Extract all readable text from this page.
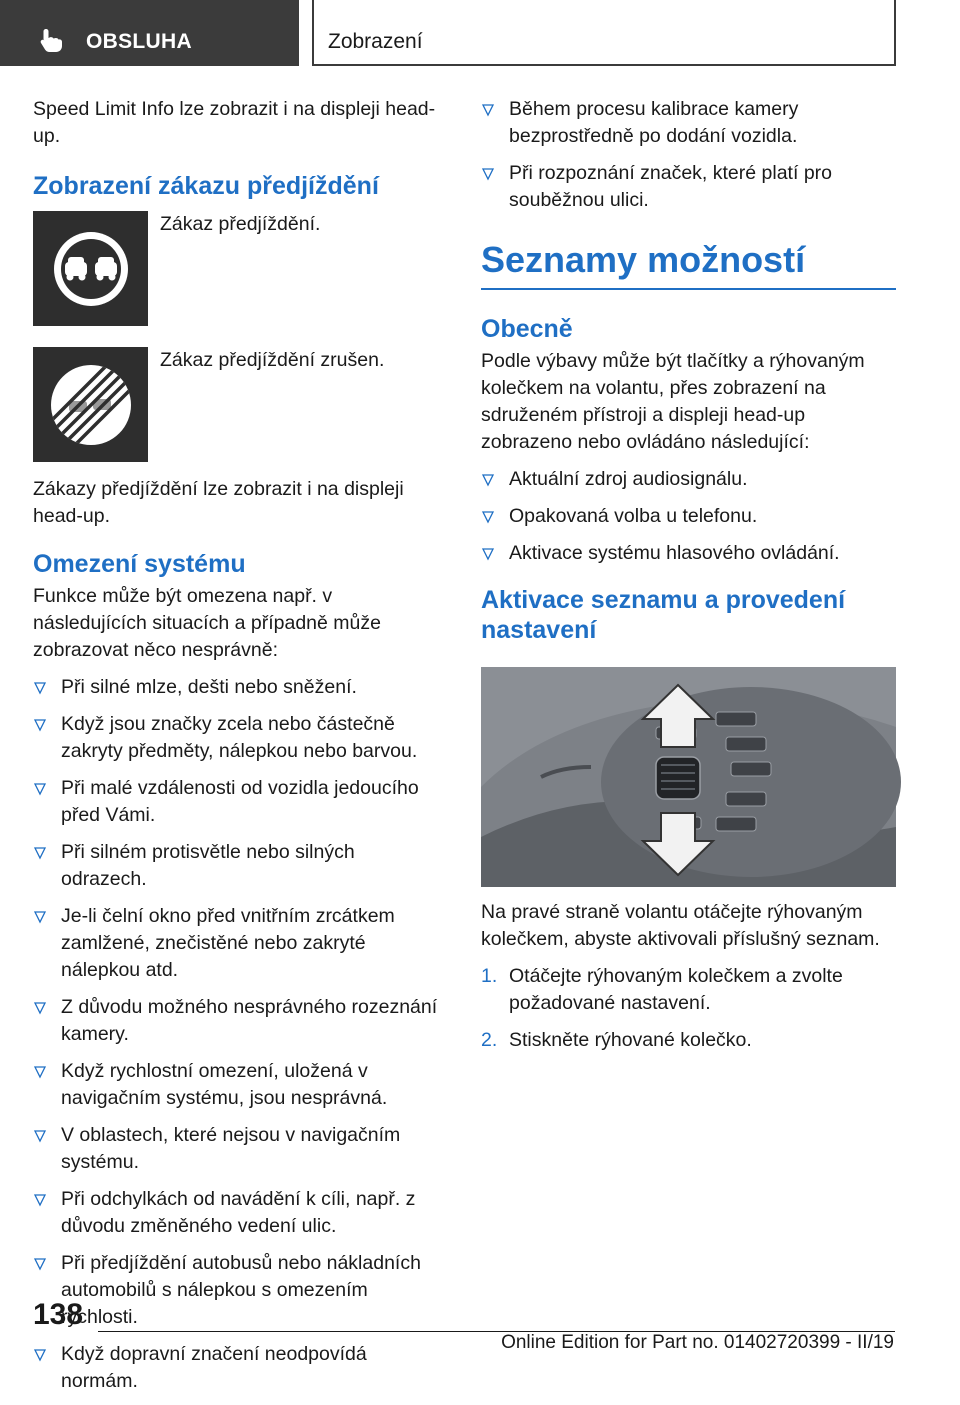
OBSLUHA	Zobrazení

Speed Limit Info lze zobrazit i na displeji head-up.

Zobrazení zákazu předjíždění
Zákaz předjíždění.
Zákaz předjíždění zrušen.

Zákazy předjíždění lze zobrazit i na displeji head-up.

Omezení systému

Funkce může být omezena např. v následujících situacích a případně může zobrazovat něco nesprávně:

Při silné mlze, dešti nebo sněžení.
Když jsou značky zcela nebo částečně zakryty předměty, nálepkou nebo barvou.
Při malé vzdálenosti od vozidla jedoucího před Vámi.
Při silném protisvětle nebo silných odrazech.
Je-li čelní okno před vnitřním zrcátkem zamlžené, znečistěné nebo zakryté nálepkou atd.
Z důvodu možného nesprávného rozeznání kamery.
Když rychlostní omezení, uložená v navigačním systému, jsou nesprávná.
V oblastech, které nejsou v navigačním systému.
Při odchylkách od navádění k cíli, např. z důvodu změněného vedení ulic.
Při předjíždění autobusů nebo nákladních automobilů s nálepkou s omezením rychlosti.
Když dopravní značení neodpovídá normám.
Během procesu kalibrace kamery bezprostředně po dodání vozidla.
Při rozpoznání značek, které platí pro souběžnou ulici.
Seznamy možností
Obecně

Podle výbavy může být tlačítky a rýhovaným kolečkem na volantu, přes zobrazení na sdruženém přístroji a displeji head-up zobrazeno nebo ovládáno následující:

Aktuální zdroj audiosignálu.
Opakovaná volba u telefonu.
Aktivace systému hlasového ovládání.
Aktivace seznamu a provedení nastavení

Na pravé straně volantu otáčejte rýhovaným kolečkem, abyste aktivovali příslušný seznam.

1. Otáčejte rýhovaným kolečkem a zvolte požadované nastavení.
2. Stiskněte rýhované kolečko.
138
Online Edition for Part no. 01402720399 - II/19
